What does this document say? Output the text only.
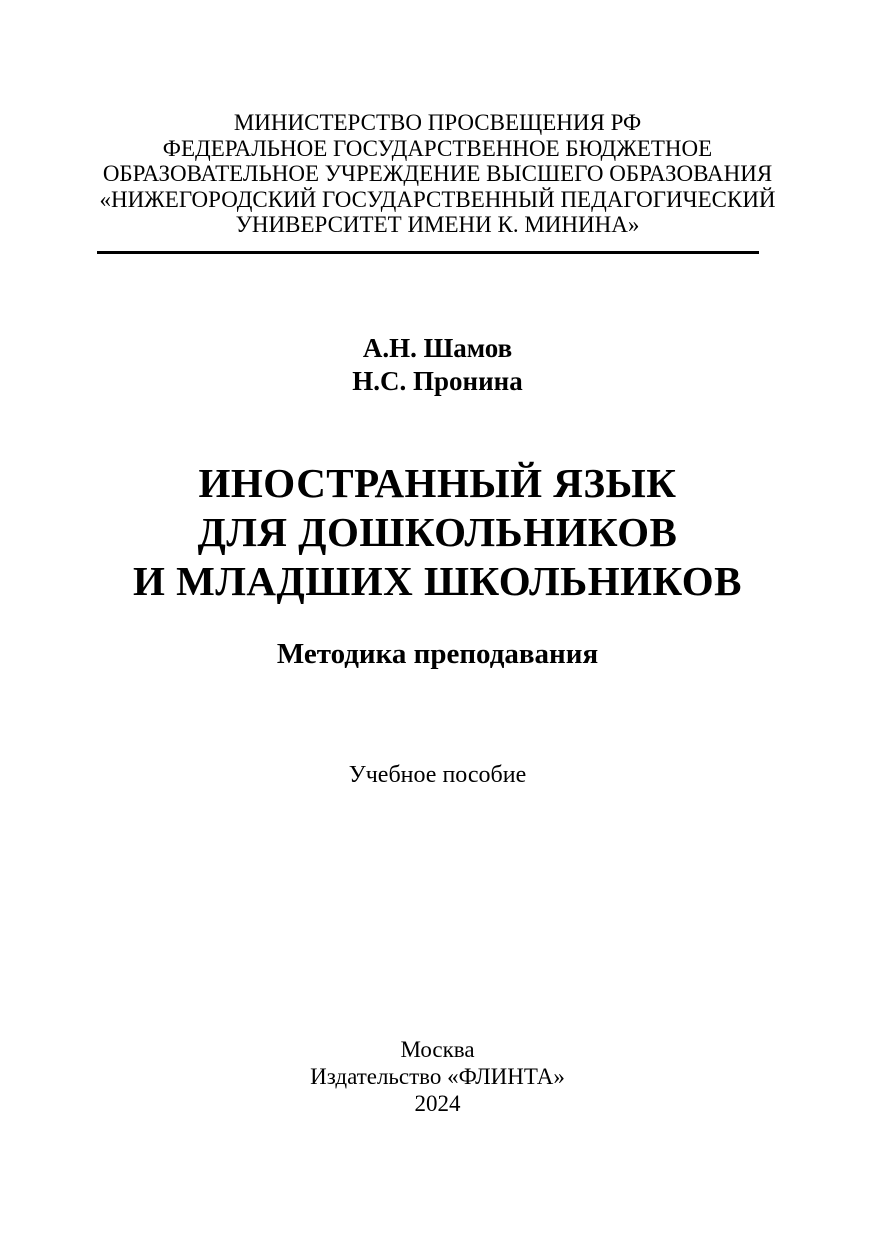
МИНИСТЕРСТВО ПРОСВЕЩЕНИЯ РФ
ФЕДЕРАЛЬНОЕ ГОСУДАРСТВЕННОЕ БЮДЖЕТНОЕ
ОБРАЗОВАТЕЛЬНОЕ УЧРЕЖДЕНИЕ ВЫСШЕГО ОБРАЗОВАНИЯ
«НИЖЕГОРОДСКИЙ ГОСУДАРСТВЕННЫЙ ПЕДАГОГИЧЕСКИЙ
УНИВЕРСИТЕТ ИМЕНИ К. МИНИНА»
А.Н. Шамов
Н.С. Пронина
ИНОСТРАННЫЙ ЯЗЫК
ДЛЯ ДОШКОЛЬНИКОВ
И МЛАДШИХ ШКОЛЬНИКОВ
Методика преподавания
Учебное пособие
Москва
Издательство «ФЛИНТА»
2024
